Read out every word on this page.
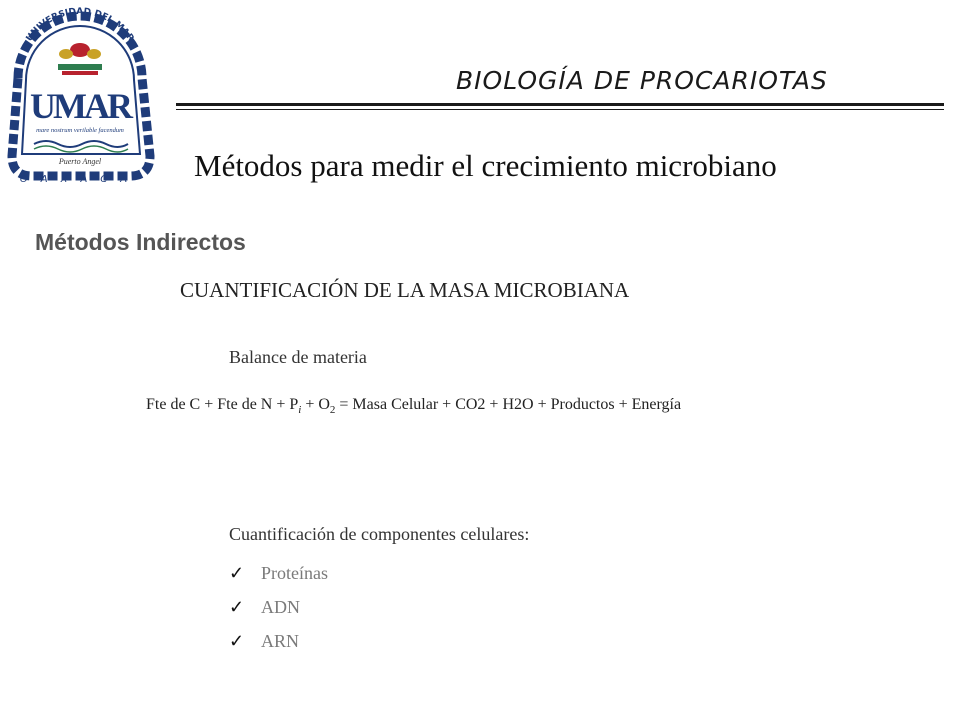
UNIVERSIDAD DEL MAR
UMAR
mare nostrum verilable facendum
Puerto Angel
OAXACA
BIOLOGÍA DE PROCARIOTAS
Métodos para medir el crecimiento microbiano
Métodos Indirectos
CUANTIFICACIÓN DE LA MASA MICROBIANA
Balance de materia
Fte de C + Fte de $N + P_i + O_2$ = Masa Celular + CO2 + H2O + Productos + Energía
Cuantificación de componentes celulares:
✓ Proteínas
✓ ADN
✓ ARN
